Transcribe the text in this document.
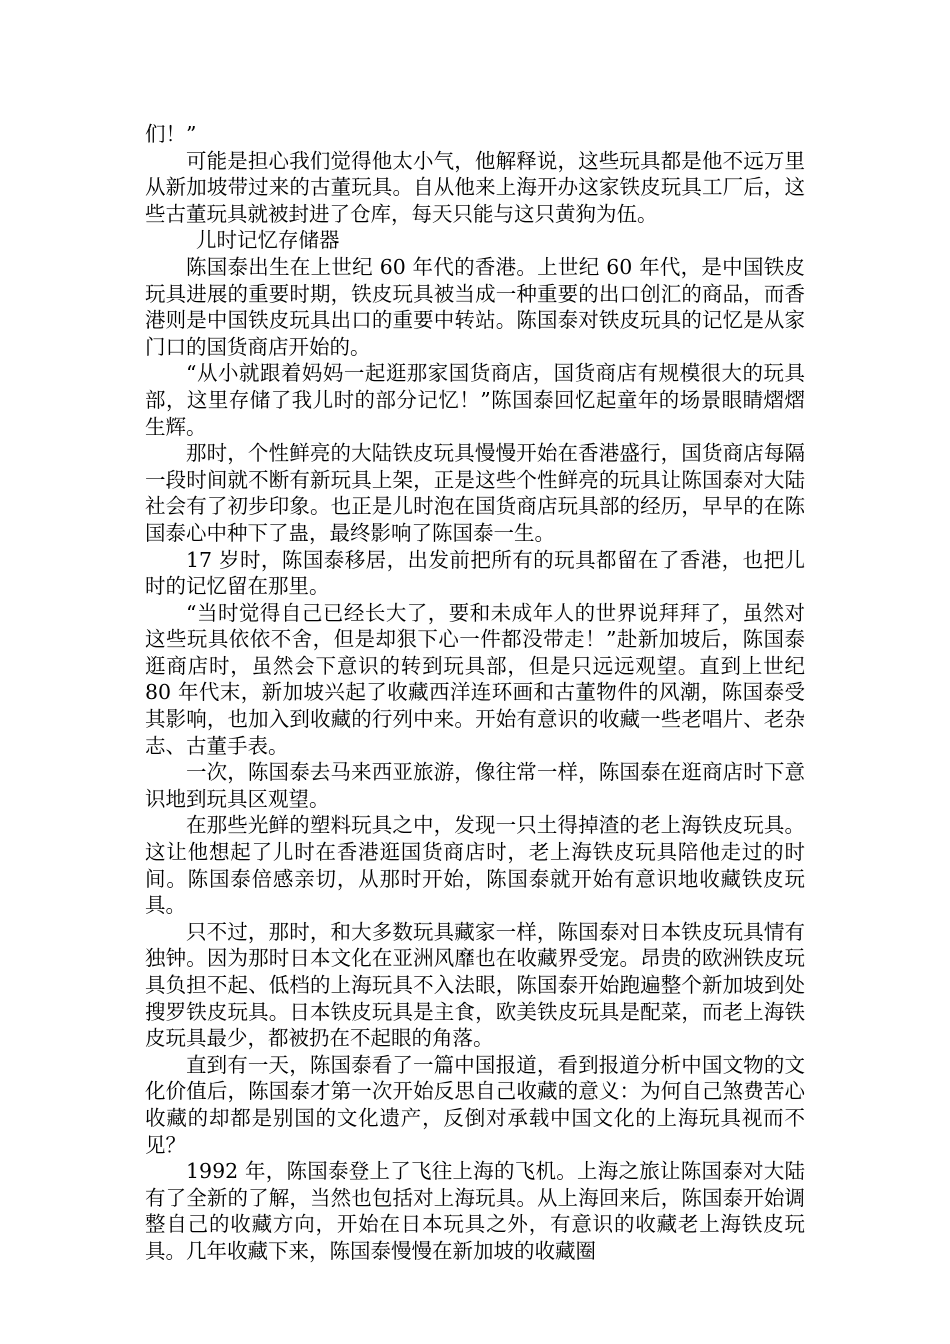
们！”

可能是担心我们觉得他太小气，他解释说，这些玩具都是他不远万里从新加坡带过来的古董玩具。自从他来上海开办这家铁皮玩具工厂后，这些古董玩具就被封进了仓库，每天只能与这只黄狗为伍。

儿时记忆存储器

陈国泰出生在上世纪 60 年代的香港。上世纪 60 年代，是中国铁皮玩具进展的重要时期，铁皮玩具被当成一种重要的出口创汇的商品，而香港则是中国铁皮玩具出口的重要中转站。陈国泰对铁皮玩具的记忆是从家门口的国货商店开始的。

“从小就跟着妈妈一起逛那家国货商店，国货商店有规模很大的玩具部，这里存储了我儿时的部分记忆！”陈国泰回忆起童年的场景眼睛熠熠生辉。

那时，个性鲜亮的大陆铁皮玩具慢慢开始在香港盛行，国货商店每隔一段时间就不断有新玩具上架，正是这些个性鲜亮的玩具让陈国泰对大陆社会有了初步印象。也正是儿时泡在国货商店玩具部的经历，早早的在陈国泰心中种下了蛊，最终影响了陈国泰一生。

17 岁时，陈国泰移居，出发前把所有的玩具都留在了香港，也把儿时的记忆留在那里。

“当时觉得自己已经长大了，要和未成年人的世界说拜拜了，虽然对这些玩具依依不舍，但是却狠下心一件都没带走！”赴新加坡后，陈国泰逛商店时，虽然会下意识的转到玩具部，但是只远远观望。直到上世纪 80 年代末，新加坡兴起了收藏西洋连环画和古董物件的风潮，陈国泰受其影响，也加入到收藏的行列中来。开始有意识的收藏一些老唱片、老杂志、古董手表。

一次，陈国泰去马来西亚旅游，像往常一样，陈国泰在逛商店时下意识地到玩具区观望。

在那些光鲜的塑料玩具之中，发现一只土得掉渣的老上海铁皮玩具。这让他想起了儿时在香港逛国货商店时，老上海铁皮玩具陪他走过的时间。陈国泰倍感亲切，从那时开始，陈国泰就开始有意识地收藏铁皮玩具。

只不过，那时，和大多数玩具藏家一样，陈国泰对日本铁皮玩具情有独钟。因为那时日本文化在亚洲风靡也在收藏界受宠。昂贵的欧洲铁皮玩具负担不起、低档的上海玩具不入法眼，陈国泰开始跑遍整个新加坡到处搜罗铁皮玩具。日本铁皮玩具是主食，欧美铁皮玩具是配菜，而老上海铁皮玩具最少，都被扔在不起眼的角落。

直到有一天，陈国泰看了一篇中国报道，看到报道分析中国文物的文化价值后，陈国泰才第一次开始反思自己收藏的意义：为何自己煞费苦心收藏的却都是别国的文化遗产，反倒对承载中国文化的上海玩具视而不见？

1992 年，陈国泰登上了飞往上海的飞机。上海之旅让陈国泰对大陆有了全新的了解，当然也包括对上海玩具。从上海回来后，陈国泰开始调整自己的收藏方向，开始在日本玩具之外，有意识的收藏老上海铁皮玩具。几年收藏下来，陈国泰慢慢在新加坡的收藏圈
